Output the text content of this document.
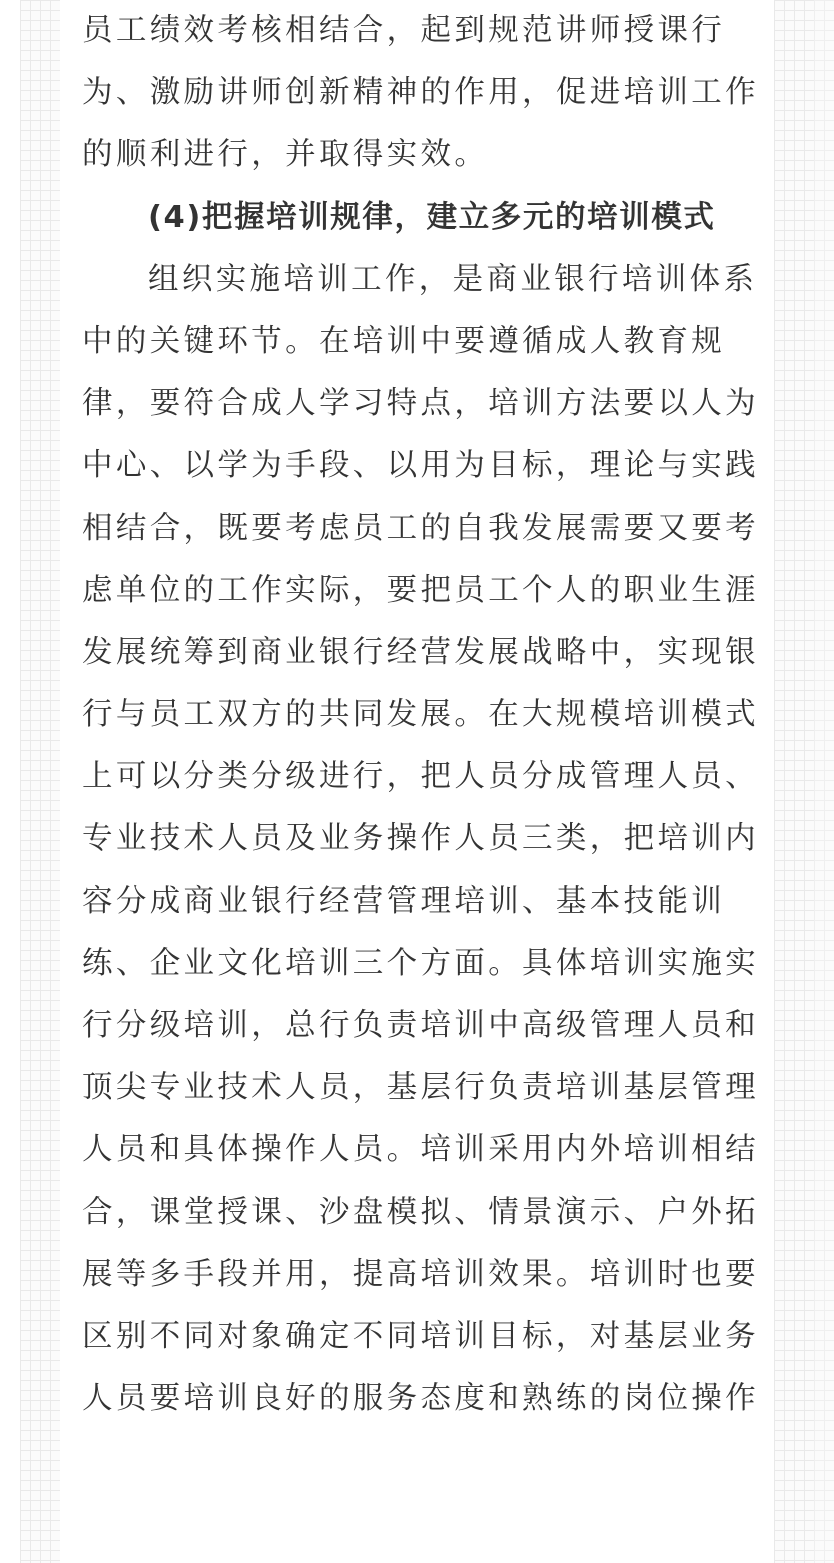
员工绩效考核相结合，起到规范讲师授课行
为、激励讲师创新精神的作用，促进培训工作
的顺利进行，并取得实效。
(4)把握培训规律，建立多元的培训模式
组织实施培训工作，是商业银行培训体系
中的关键环节。在培训中要遵循成人教育规
律，要符合成人学习特点，培训方法要以人为
中心、以学为手段、以用为目标，理论与实践
相结合，既要考虑员工的自我发展需要又要考
虑单位的工作实际，要把员工个人的职业生涯
发展统筹到商业银行经营发展战略中，实现银
行与员工双方的共同发展。在大规模培训模式
上可以分类分级进行，把人员分成管理人员、
专业技术人员及业务操作人员三类，把培训内
容分成商业银行经营管理培训、基本技能训
练、企业文化培训三个方面。具体培训实施实
行分级培训，总行负责培训中高级管理人员和
顶尖专业技术人员，基层行负责培训基层管理
人员和具体操作人员。培训采用内外培训相结
合，课堂授课、沙盘模拟、情景演示、户外拓
展等多手段并用，提高培训效果。培训时也要
区别不同对象确定不同培训目标，对基层业务
人员要培训良好的服务态度和熟练的岗位操作
